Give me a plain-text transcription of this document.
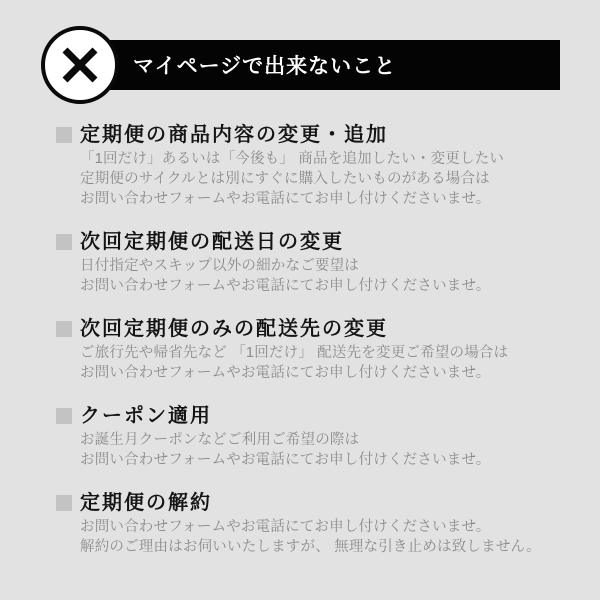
マイページで出来ないこと
定期便の商品内容の変更・追加
「1回だけ」あるいは「今後も」 商品を追加したい・変更したい
定期便のサイクルとは別にすぐに購入したいものがある場合は
お問い合わせフォームやお電話にてお申し付けくださいませ。
次回定期便の配送日の変更
日付指定やスキップ以外の細かなご要望は
お問い合わせフォームやお電話にてお申し付けくださいませ。
次回定期便のみの配送先の変更
ご旅行先や帰省先など 「1回だけ」 配送先を変更ご希望の場合は
お問い合わせフォームやお電話にてお申し付けくださいませ。
クーポン適用
お誕生月クーポンなどご利用ご希望の際は
お問い合わせフォームやお電話にてお申し付けくださいませ。
定期便の解約
お問い合わせフォームやお電話にてお申し付けくださいませ。
解約のご理由はお伺いいたしますが、 無理な引き止めは致しません。
